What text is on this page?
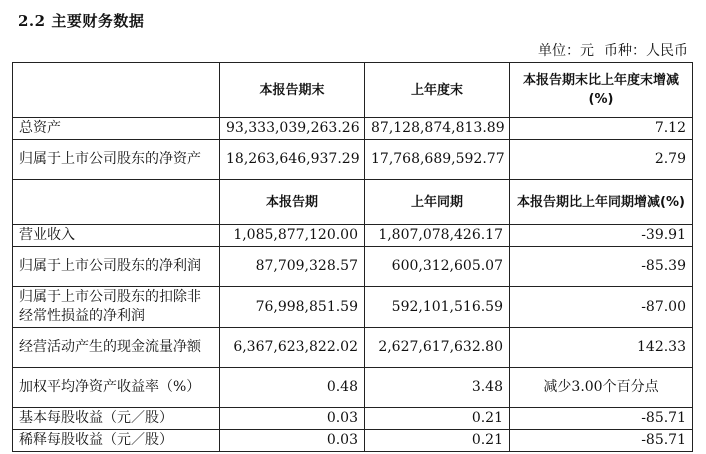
2.2 主要财务数据
单位：元 币种：人民币
	本报告期末	上年度末	本报告期末比上年度末增减(%)
总资产	93,333,039,263.26	87,128,874,813.89	7.12
归属于上市公司股东的净资产	18,263,646,937.29	17,768,689,592.77	2.79
	本报告期	上年同期	本报告期比上年同期增减(%)
营业收入	1,085,877,120.00	1,807,078,426.17	-39.91
归属于上市公司股东的净利润	87,709,328.57	600,312,605.07	-85.39
归属于上市公司股东的扣除非经常性损益的净利润	76,998,851.59	592,101,516.59	-87.00
经营活动产生的现金流量净额	6,367,623,822.02	2,627,617,632.80	142.33
加权平均净资产收益率（%）	0.48	3.48	减少3.00个百分点
基本每股收益（元／股）	0.03	0.21	-85.71
稀释每股收益（元／股）	0.03	0.21	-85.71
